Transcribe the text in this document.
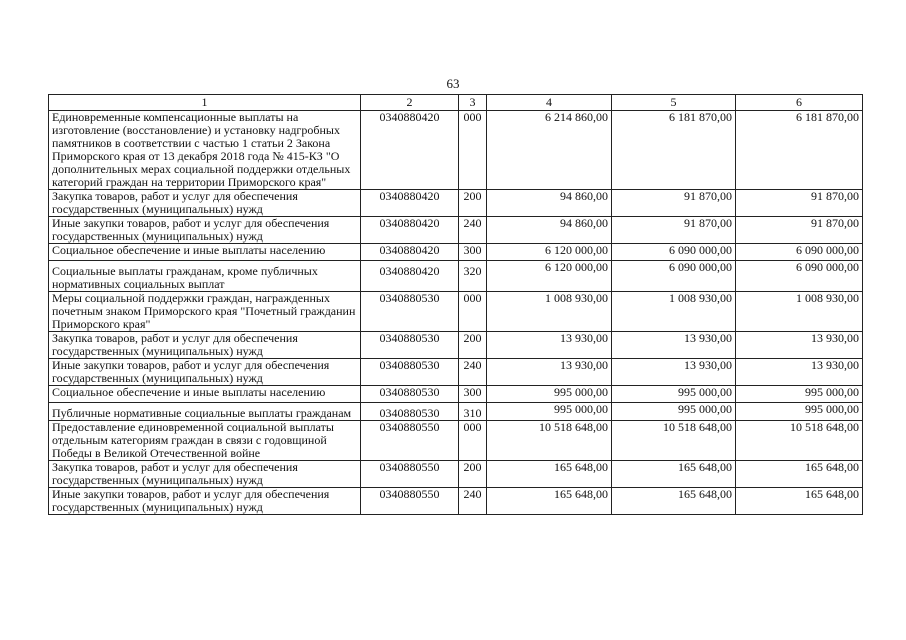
63
1	2	3	4	5	6
Единовременные компенсационные выплаты на изготовление (восстановление) и установку надгробных памятников в соответствии с частью 1 статьи 2 Закона Приморского края от 13 декабря 2018 года № 415-КЗ "О дополнительных мерах социальной поддержки отдельных категорий граждан на территории Приморского края"	0340880420	000	6 214 860,00	6 181 870,00	6 181 870,00
Закупка товаров, работ и услуг для обеспечения государственных (муниципальных) нужд	0340880420	200	94 860,00	91 870,00	91 870,00
Иные закупки товаров, работ и услуг для обеспечения государственных (муниципальных) нужд	0340880420	240	94 860,00	91 870,00	91 870,00
Социальное обеспечение и иные выплаты населению	0340880420	300	6 120 000,00	6 090 000,00	6 090 000,00
Социальные выплаты гражданам, кроме публичных нормативных социальных выплат	0340880420	320	6 120 000,00	6 090 000,00	6 090 000,00
Меры социальной поддержки граждан, награжденных почетным знаком Приморского края "Почетный гражданин Приморского края"	0340880530	000	1 008 930,00	1 008 930,00	1 008 930,00
Закупка товаров, работ и услуг для обеспечения государственных (муниципальных) нужд	0340880530	200	13 930,00	13 930,00	13 930,00
Иные закупки товаров, работ и услуг для обеспечения государственных (муниципальных) нужд	0340880530	240	13 930,00	13 930,00	13 930,00
Социальное обеспечение и иные выплаты населению	0340880530	300	995 000,00	995 000,00	995 000,00
Публичные нормативные социальные выплаты гражданам	0340880530	310	995 000,00	995 000,00	995 000,00
Предоставление единовременной социальной выплаты отдельным категориям граждан в связи с годовщиной Победы в Великой Отечественной войне	0340880550	000	10 518 648,00	10 518 648,00	10 518 648,00
Закупка товаров, работ и услуг для обеспечения государственных (муниципальных) нужд	0340880550	200	165 648,00	165 648,00	165 648,00
Иные закупки товаров, работ и услуг для обеспечения государственных (муниципальных) нужд	0340880550	240	165 648,00	165 648,00	165 648,00
